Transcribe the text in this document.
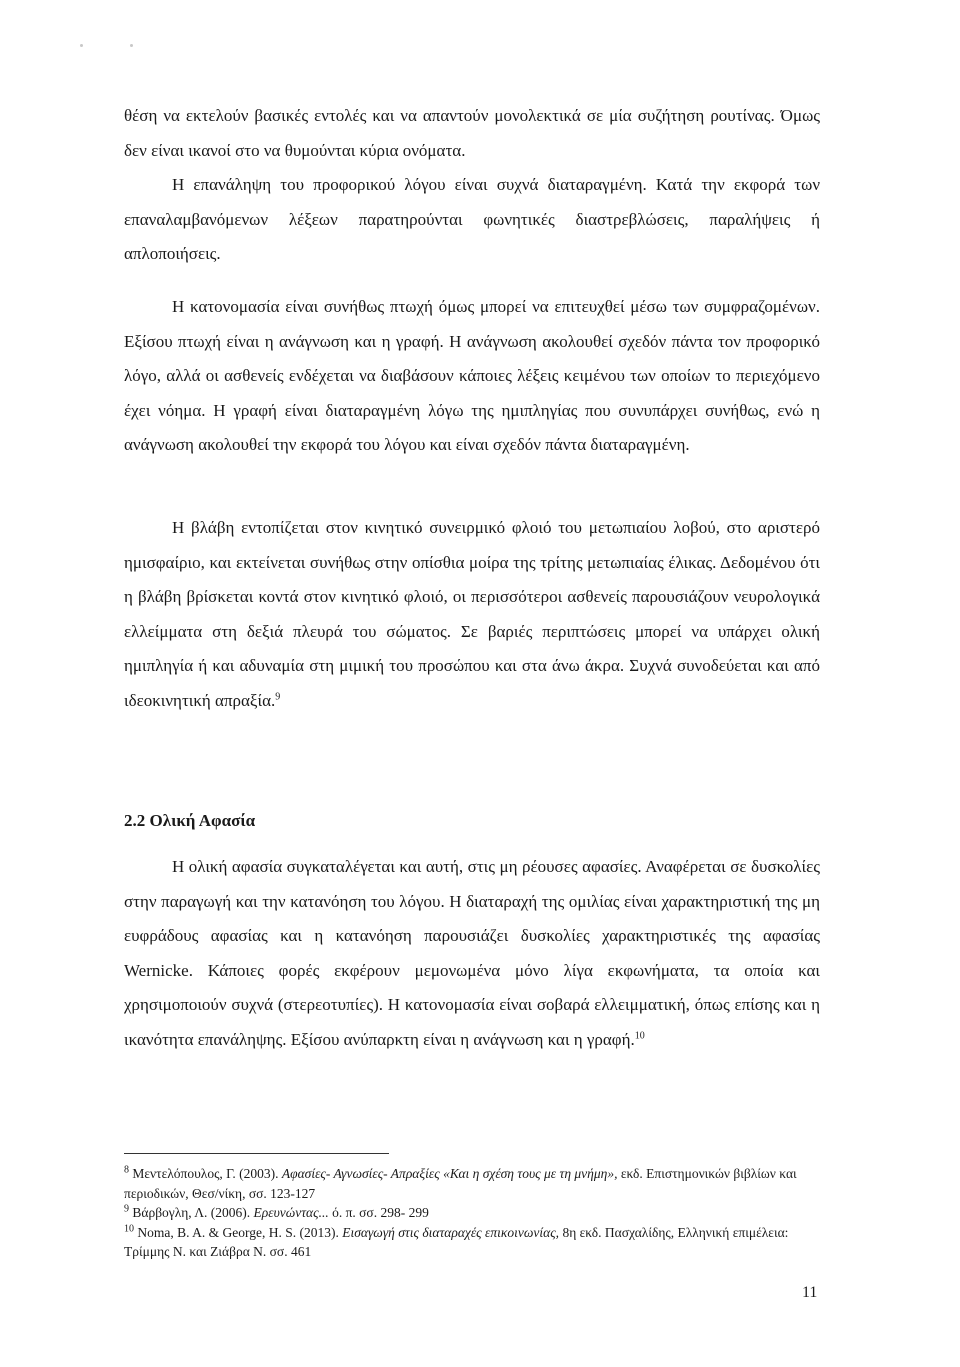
θέση να εκτελούν βασικές εντολές και να απαντούν μονολεκτικά σε μία συζήτηση ρουτίνας. Όμως δεν είναι ικανοί στο να θυμούνται κύρια ονόματα.

Η επανάληψη του προφορικού λόγου είναι συχνά διαταραγμένη. Κατά την εκφορά των επαναλαμβανόμενων λέξεων παρατηρούνται φωνητικές διαστρεβλώσεις, παραλήψεις ή απλοποιήσεις.

Η κατονομασία είναι συνήθως πτωχή όμως μπορεί να επιτευχθεί μέσω των συμφραζομένων. Εξίσου πτωχή είναι η ανάγνωση και η γραφή. Η ανάγνωση ακολουθεί σχεδόν πάντα τον προφορικό λόγο, αλλά οι ασθενείς ενδέχεται να διαβάσουν κάποιες λέξεις κειμένου των οποίων το περιεχόμενο έχει νόημα. Η γραφή είναι διαταραγμένη λόγω της ημιπληγίας που συνυπάρχει συνήθως, ενώ η ανάγνωση ακολουθεί την εκφορά του λόγου και είναι σχεδόν πάντα διαταραγμένη.

Η βλάβη εντοπίζεται στον κινητικό συνειρμικό φλοιό του μετωπιαίου λοβού, στο αριστερό ημισφαίριο, και εκτείνεται συνήθως στην οπίσθια μοίρα της τρίτης μετωπιαίας έλικας. Δεδομένου ότι η βλάβη βρίσκεται κοντά στον κινητικό φλοιό, οι περισσότεροι ασθενείς παρουσιάζουν νευρολογικά ελλείμματα στη δεξιά πλευρά του σώματος. Σε βαριές περιπτώσεις μπορεί να υπάρχει ολική ημιπληγία ή και αδυναμία στη μιμική του προσώπου και στα άνω άκρα. Συχνά συνοδεύεται και από ιδεοκινητική απραξία.$^9$

2.2 Ολική Αφασία

Η ολική αφασία συγκαταλέγεται και αυτή, στις μη ρέουσες αφασίες. Αναφέρεται σε δυσκολίες στην παραγωγή και την κατανόηση του λόγου. Η διαταραχή της ομιλίας είναι χαρακτηριστική της μη ευφράδους αφασίας και η κατανόηση παρουσιάζει δυσκολίες χαρακτηριστικές της αφασίας Wernicke. Κάποιες φορές εκφέρουν μεμονωμένα μόνο λίγα εκφωνήματα, τα οποία και χρησιμοποιούν συχνά (στερεοτυπίες). Η κατονομασία είναι σοβαρά ελλειμματική, όπως επίσης και η ικανότητα επανάληψης. Εξίσου ανύπαρκτη είναι η ανάγνωση και η γραφή.$^{10}$

$^8$ Μεντελόπουλος, Γ. (2003). Αφασίες- Αγνωσίες- Απραξίες «Και η σχέση τους με τη μνήμη», εκδ. Επιστημονικών βιβλίων και περιοδικών, Θεσ/νίκη, σσ. 123-127

$^9$ Βάρβογλη, Λ. (2006). Ερευνώντας... ό. π. σσ. 298- 299

$^{10}$ Noma, B. A. & George, H. S. (2013). Εισαγωγή στις διαταραχές επικοινωνίας, 8η εκδ. Πασχαλίδης, Ελληνική επιμέλεια: Τρίμμης Ν. και Ζιάβρα Ν. σσ. 461

11
